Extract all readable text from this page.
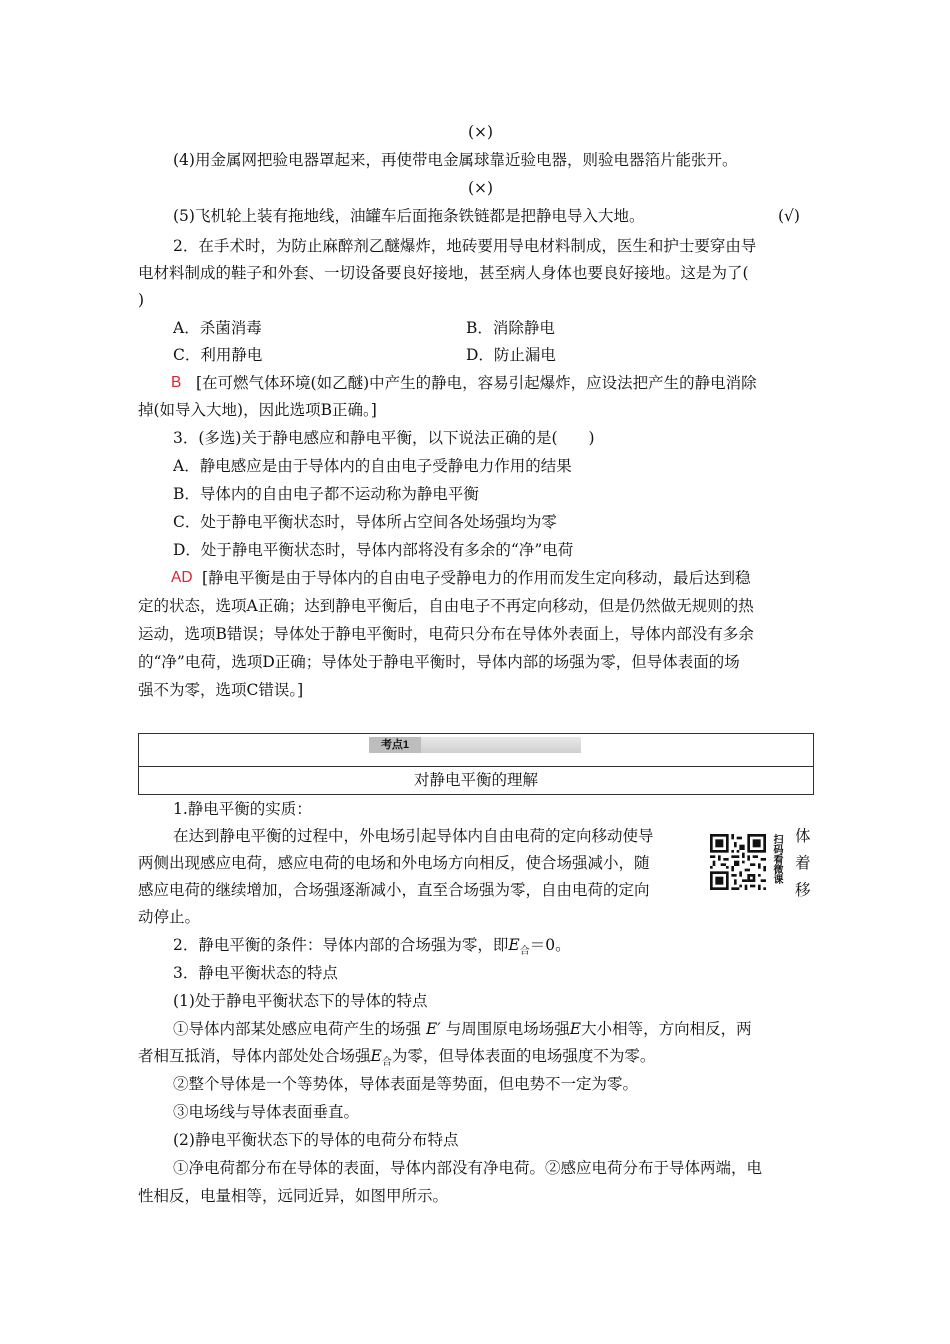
(×)
(4)用金属网把验电器罩起来，再使带电金属球靠近验电器，则验电器箔片能张开。
(×)
(5)飞机轮上装有拖地线，油罐车后面拖条铁链都是把静电导入大地。	(√)
2．在手术时，为防止麻醉剂乙醚爆炸，地砖要用导电材料制成，医生和护士要穿由导
电材料制成的鞋子和外套、一切设备要良好接地，甚至病人身体也要良好接地。这是为了(
)
A．杀菌消毒	B．消除静电
C．利用静电	D．防止漏电
B [在可燃气体环境(如乙醚)中产生的静电，容易引起爆炸，应设法把产生的静电消除
掉(如导入大地)，因此选项B正确。]
3．(多选)关于静电感应和静电平衡，以下说法正确的是(　　)
A．静电感应是由于导体内的自由电子受静电力作用的结果
B．导体内的自由电子都不运动称为静电平衡
C．处于静电平衡状态时，导体所占空间各处场强均为零
D．处于静电平衡状态时，导体内部将没有多余的“净”电荷
AD [静电平衡是由于导体内的自由电子受静电力的作用而发生定向移动，最后达到稳
定的状态，选项A正确；达到静电平衡后，自由电子不再定向移动，但是仍然做无规则的热
运动，选项B错误；导体处于静电平衡时，电荷只分布在导体外表面上，导体内部没有多余
的“净”电荷，选项D正确；导体处于静电平衡时，导体内部的场强为零，但导体表面的场
强不为零，选项C错误。]
考点1
对静电平衡的理解
1.静电平衡的实质：
在达到静电平衡的过程中，外电场引起导体内自由电荷的定向移动使导	体
两侧出现感应电荷，感应电荷的电场和外电场方向相反，使合场强减小，随	着
感应电荷的继续增加，合场强逐渐减小，直至合场强为零，自由电荷的定向	移
动停止。
扫码看微课
2．静电平衡的条件：导体内部的合场强为零，即$E_合=0$。
3．静电平衡状态的特点
(1)处于静电平衡状态下的导体的特点
①导体内部某处感应电荷产生的场强 E′ 与周围原电场场强E大小相等，方向相反，两
者相互抵消，导体内部处处合场强$E_合$为零，但导体表面的电场强度不为零。
②整个导体是一个等势体，导体表面是等势面，但电势不一定为零。
③电场线与导体表面垂直。
(2)静电平衡状态下的导体的电荷分布特点
①净电荷都分布在导体的表面，导体内部没有净电荷。②感应电荷分布于导体两端，电
性相反，电量相等，远同近异，如图甲所示。
